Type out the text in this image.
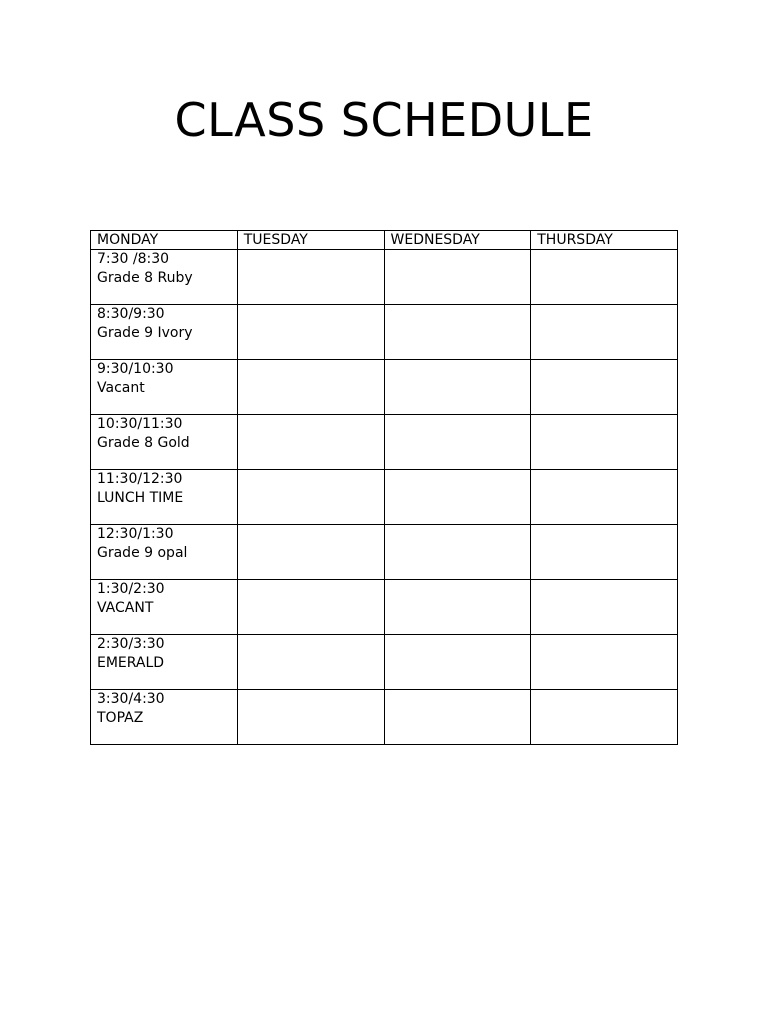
CLASS SCHEDULE
MONDAY	TUESDAY	WEDNESDAY	THURSDAY

7:30 /8:30
Grade 8 Ruby			

8:30/9:30
Grade 9 Ivory			

9:30/10:30
Vacant			

10:30/11:30
Grade 8 Gold			

11:30/12:30
LUNCH TIME			

12:30/1:30
Grade 9 opal			

1:30/2:30
VACANT			

2:30/3:30
EMERALD			

3:30/4:30
TOPAZ			
